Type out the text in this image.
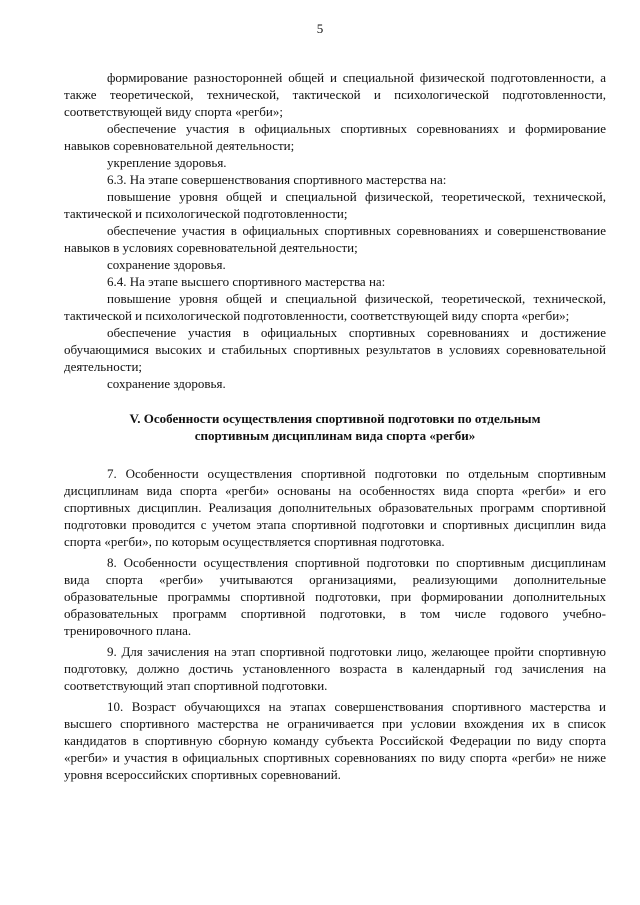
5

формирование разносторонней общей и специальной физической подготовленности, а также теоретической, технической, тактической и психологической подготовленности, соответствующей виду спорта «регби»;

обеспечение участия в официальных спортивных соревнованиях и формирование навыков соревновательной деятельности;

укрепление здоровья.

6.3. На этапе совершенствования спортивного мастерства на:

повышение уровня общей и специальной физической, теоретической, технической, тактической и психологической подготовленности;

обеспечение участия в официальных спортивных соревнованиях и совершенствование навыков в условиях соревновательной деятельности;

сохранение здоровья.

6.4. На этапе высшего спортивного мастерства на:

повышение уровня общей и специальной физической, теоретической, технической, тактической и психологической подготовленности, соответствующей виду спорта «регби»;

обеспечение участия в официальных спортивных соревнованиях и достижение обучающимися высоких и стабильных спортивных результатов в условиях соревновательной деятельности;

сохранение здоровья.

V. Особенности осуществления спортивной подготовки по отдельным
спортивным дисциплинам вида спорта «регби»

7. Особенности осуществления спортивной подготовки по отдельным спортивным дисциплинам вида спорта «регби» основаны на особенностях вида спорта «регби» и его спортивных дисциплин. Реализация дополнительных образовательных программ спортивной подготовки проводится с учетом этапа спортивной подготовки и спортивных дисциплин вида спорта «регби», по которым осуществляется спортивная подготовка.

8. Особенности осуществления спортивной подготовки по спортивным дисциплинам вида спорта «регби» учитываются организациями, реализующими дополнительные образовательные программы спортивной подготовки, при формировании дополнительных образовательных программ спортивной подготовки, в том числе годового учебно-тренировочного плана.

9. Для зачисления на этап спортивной подготовки лицо, желающее пройти спортивную подготовку, должно достичь установленного возраста в календарный год зачисления на соответствующий этап спортивной подготовки.

10. Возраст обучающихся на этапах совершенствования спортивного мастерства и высшего спортивного мастерства не ограничивается при условии вхождения их в список кандидатов в спортивную сборную команду субъекта Российской Федерации по виду спорта «регби» и участия в официальных спортивных соревнованиях по виду спорта «регби» не ниже уровня всероссийских спортивных соревнований.
